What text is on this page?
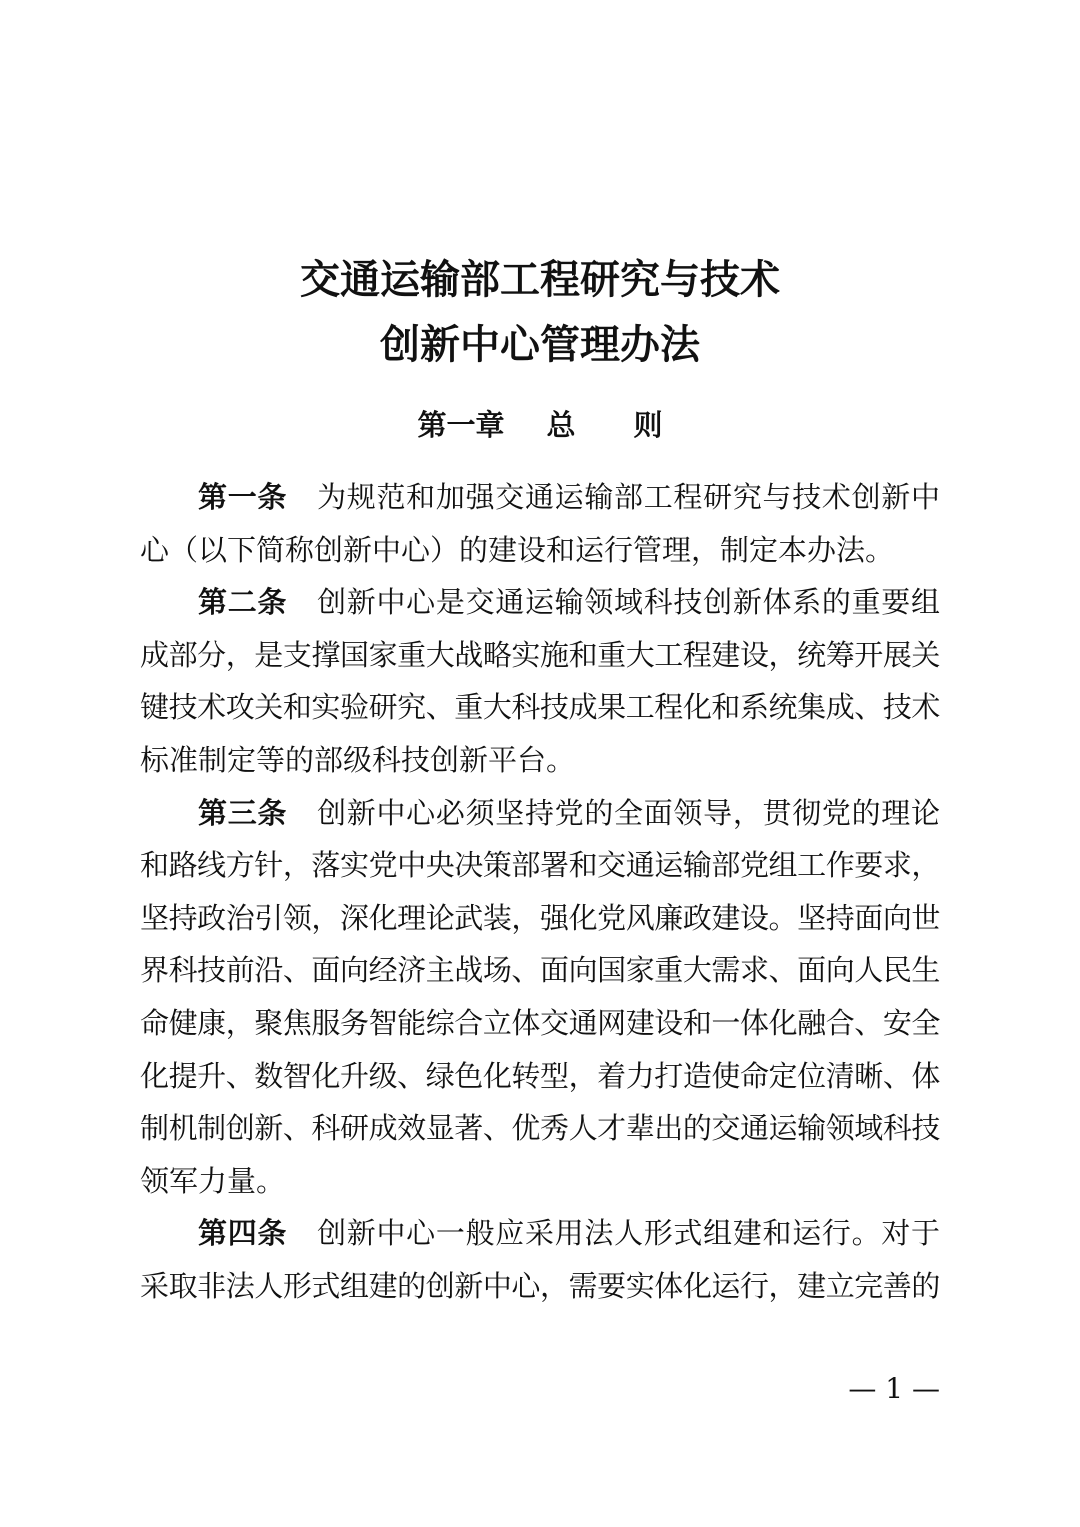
交通运输部工程研究与技术
创新中心管理办法
第一章 总 则
第一条 为规范和加强交通运输部工程研究与技术创新中
心（以下简称创新中心）的建设和运行管理，制定本办法。
第二条 创新中心是交通运输领域科技创新体系的重要组
成部分，是支撑国家重大战略实施和重大工程建设，统筹开展关
键技术攻关和实验研究、重大科技成果工程化和系统集成、技术
标准制定等的部级科技创新平台。
第三条 创新中心必须坚持党的全面领导，贯彻党的理论
和路线方针，落实党中央决策部署和交通运输部党组工作要求，
坚持政治引领，深化理论武装，强化党风廉政建设。坚持面向世
界科技前沿、面向经济主战场、面向国家重大需求、面向人民生
命健康，聚焦服务智能综合立体交通网建设和一体化融合、安全
化提升、数智化升级、绿色化转型，着力打造使命定位清晰、体
制机制创新、科研成效显著、优秀人才辈出的交通运输领域科技
领军力量。
第四条 创新中心一般应采用法人形式组建和运行。对于
采取非法人形式组建的创新中心，需要实体化运行，建立完善的
— 1 —
